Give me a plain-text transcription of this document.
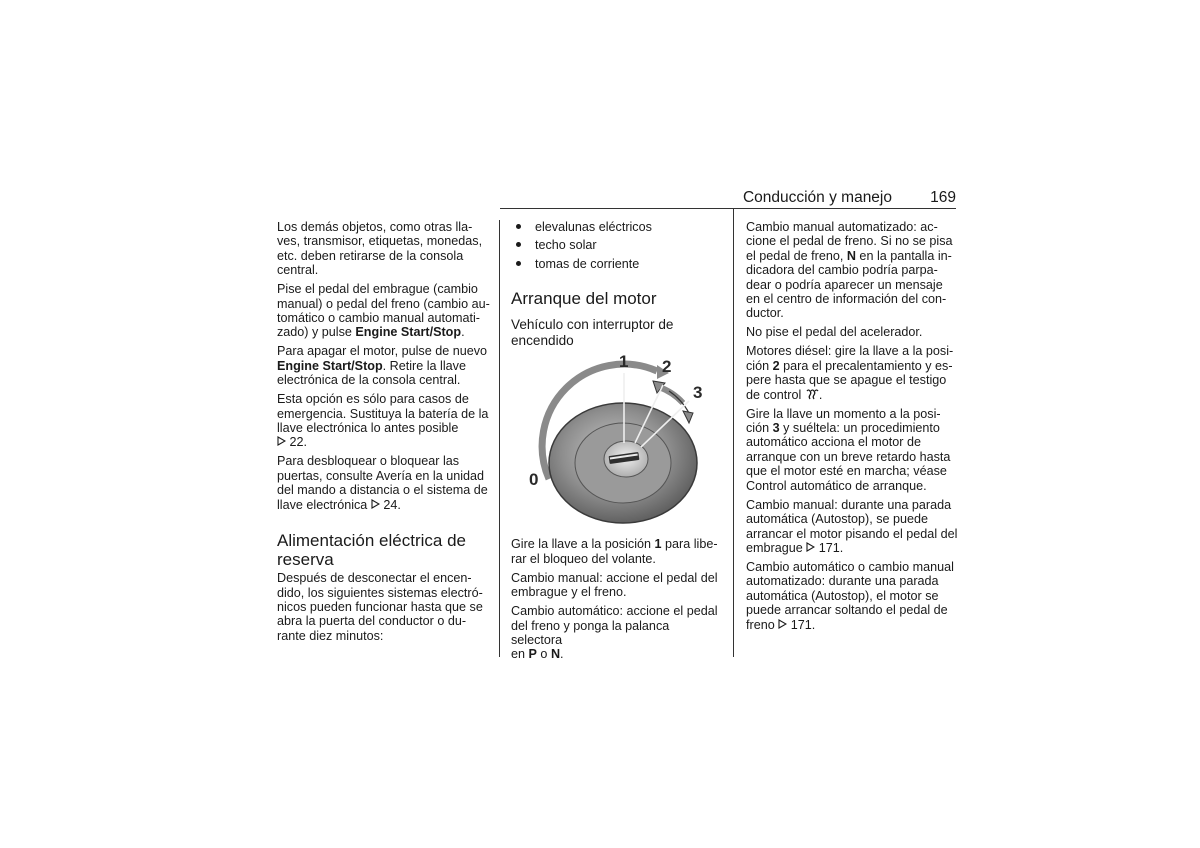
Conducción y manejo 169

Los demás objetos, como otras lla-
ves, transmisor, etiquetas, monedas,
etc. deben retirarse de la consola
central.

Pise el pedal del embrague (cambio
manual) o pedal del freno (cambio au-
tomático o cambio manual automati-
zado) y pulse Engine Start/Stop.

Para apagar el motor, pulse de nuevo
Engine Start/Stop. Retire la llave
electrónica de la consola central.

Esta opción es sólo para casos de
emergencia. Sustituya la batería de la
llave electrónica lo antes posible
22.

Para desbloquear o bloquear las
puertas, consulte Avería en la unidad
del mando a distancia o el sistema de
llave electrónica  24.

Alimentación eléctrica de
reserva

Después de desconectar el encen-
dido, los siguientes sistemas electró-
nicos pueden funcionar hasta que se
abra la puerta del conductor o du-
rante diez minutos:

elevalunas eléctricos
techo solar
tomas de corriente
Arranque del motor
Vehículo con interruptor de
encendido
0
1 2
3

Gire la llave a la posición 1 para libe-
rar el bloqueo del volante.

Cambio manual: accione el pedal del
embrague y el freno.

Cambio automático: accione el pedal
del freno y ponga la palanca selectora
en P o N.

Cambio manual automatizado: ac-
cione el pedal de freno. Si no se pisa
el pedal de freno, N en la pantalla in-
dicadora del cambio podría parpa-
dear o podría aparecer un mensaje
en el centro de información del con-
ductor.

No pise el pedal del acelerador.

Motores diésel: gire la llave a la posi-
ción 2 para el precalentamiento y es-
pere hasta que se apague el testigo
de control .

Gire la llave un momento a la posi-
ción 3 y suéltela: un procedimiento
automático acciona el motor de
arranque con un breve retardo hasta
que el motor esté en marcha; véase
Control automático de arranque.

Cambio manual: durante una parada
automática (Autostop), se puede
arrancar el motor pisando el pedal del
embrague  171.

Cambio automático o cambio manual
automatizado: durante una parada
automática (Autostop), el motor se
puede arrancar soltando el pedal de
freno  171.
